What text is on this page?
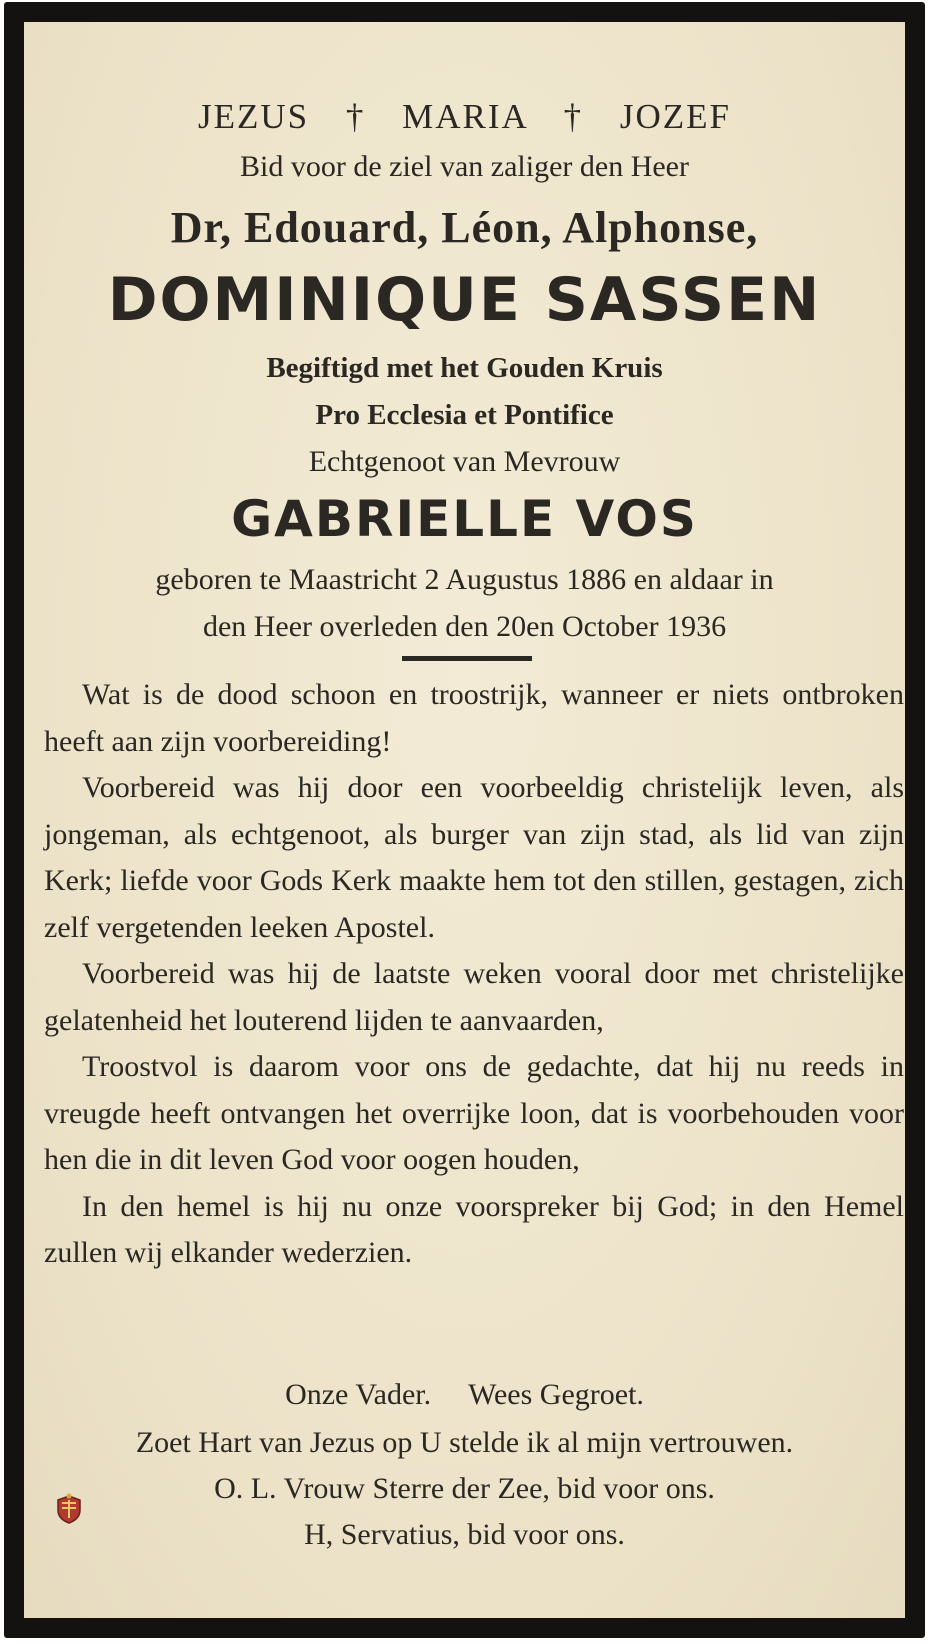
JEZUS † MARIA † JOZEF
Bid voor de ziel van zaliger den Heer
Dr, Edouard, Léon, Alphonse,
DOMINIQUE SASSEN
Begiftigd met het Gouden Kruis
Pro Ecclesia et Pontifice
Echtgenoot van Mevrouw
GABRIELLE VOS
geboren te Maastricht 2 Augustus 1886 en aldaar in
den Heer overleden den 20en October 1936

Wat is de dood schoon en troostrijk, wanneer er niets ontbroken heeft aan zijn voorbereiding!

Voorbereid was hij door een voorbeeldig christelijk leven, als jongeman, als echtgenoot, als burger van zijn stad, als lid van zijn Kerk; liefde voor Gods Kerk maakte hem tot den stillen, gestagen, zich zelf vergetenden leeken Apostel.

Voorbereid was hij de laatste weken vooral door met christelijke gelatenheid het louterend lijden te aanvaarden,

Troostvol is daarom voor ons de gedachte, dat hij nu reeds in vreugde heeft ontvangen het overrijke loon, dat is voorbehouden voor hen die in dit leven God voor oogen houden,

In den hemel is hij nu onze voorspreker bij God; in den Hemel zullen wij elkander wederzien.

Onze Vader.     Wees Gegroet.
Zoet Hart van Jezus op U stelde ik al mijn vertrouwen.
O. L. Vrouw Sterre der Zee, bid voor ons.
H, Servatius, bid voor ons.
